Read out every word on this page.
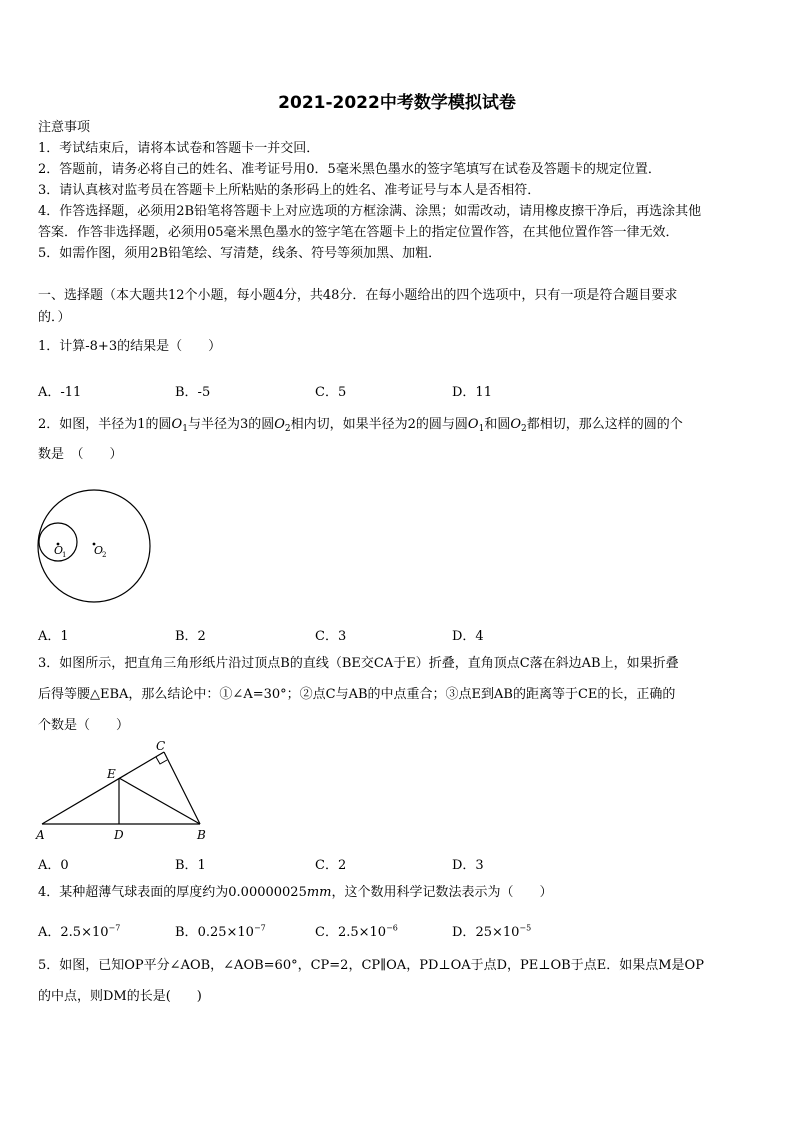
2021-2022中考数学模拟试卷
注意事项
1．考试结束后，请将本试卷和答题卡一并交回．
2．答题前，请务必将自己的姓名、准考证号用0．5毫米黑色墨水的签字笔填写在试卷及答题卡的规定位置．
3．请认真核对监考员在答题卡上所粘贴的条形码上的姓名、准考证号与本人是否相符．
4．作答选择题，必须用2B铅笔将答题卡上对应选项的方框涂满、涂黑；如需改动，请用橡皮擦干净后，再选涂其他
答案．作答非选择题，必须用05毫米黑色墨水的签字笔在答题卡上的指定位置作答，在其他位置作答一律无效．
5．如需作图，须用2B铅笔绘、写清楚，线条、符号等须加黑、加粗．
一、选择题（本大题共12个小题，每小题4分，共48分．在每小题给出的四个选项中，只有一项是符合题目要求
的．）
1．计算-8+3的结果是（　　）
A．-11	B．-5	C．5	D．11
2．如图，半径为1的圆$O_1$与半径为3的圆$O_2$相内切，如果半径为2的圆与圆$O_1$和圆$O_2$都相切，那么这样的圆的个
数是　（　　）
O
1	O
2
A．1	B．2	C．3	D．4
3．如图所示，把直角三角形纸片沿过顶点B的直线（BE交CA于E）折叠，直角顶点C落在斜边AB上，如果折叠
后得等腰△EBA，那么结论中：①∠A=30°；②点C与AB的中点重合；③点E到AB的距离等于CE的长，正确的
个数是（　　）
A	D	B
C
E
A．0	B．1	C．2	D．3
4．某种超薄气球表面的厚度约为0.00000025mm，这个数用科学记数法表示为（　　）
A．$2.5\times 10^{-7}$	B．$0.25\times 10^{-7}$	C．$2.5\times 10^{-6}$	D．$25\times 10^{-5}$
5．如图，已知OP平分∠AOB，∠AOB=60°，CP=2，CP∥OA，PD⊥OA于点D，PE⊥OB于点E．如果点M是OP
的中点，则DM的长是(　　)
